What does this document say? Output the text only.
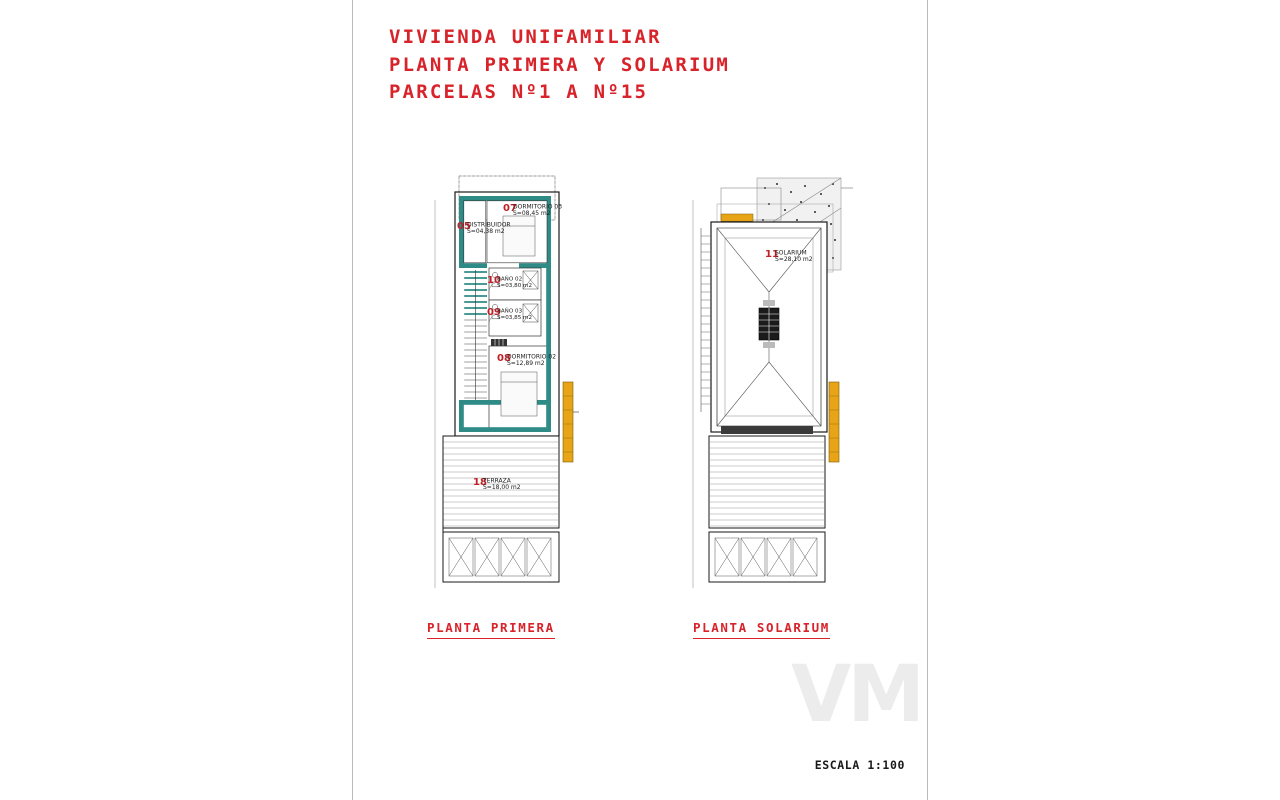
VIVIENDA UNIFAMILIAR
PLANTA PRIMERA Y SOLARIUM
PARCELAS Nº1 A Nº15
07
DORMITORIO 03
S=08,45 m2
05
DISTRIBUIDOR
S=04,38 m2
10
BAÑO 02
S=03,80 m2
09
BAÑO 03
S=03,85 m2
08
DORMITORIO 02
S=12,89 m2
18
TERRAZA
S=18,00 m2
11
SOLARIUM
S=28,10 m2
PLANTA PRIMERA	PLANTA SOLARIUM
ESCALA 1:100
VM
